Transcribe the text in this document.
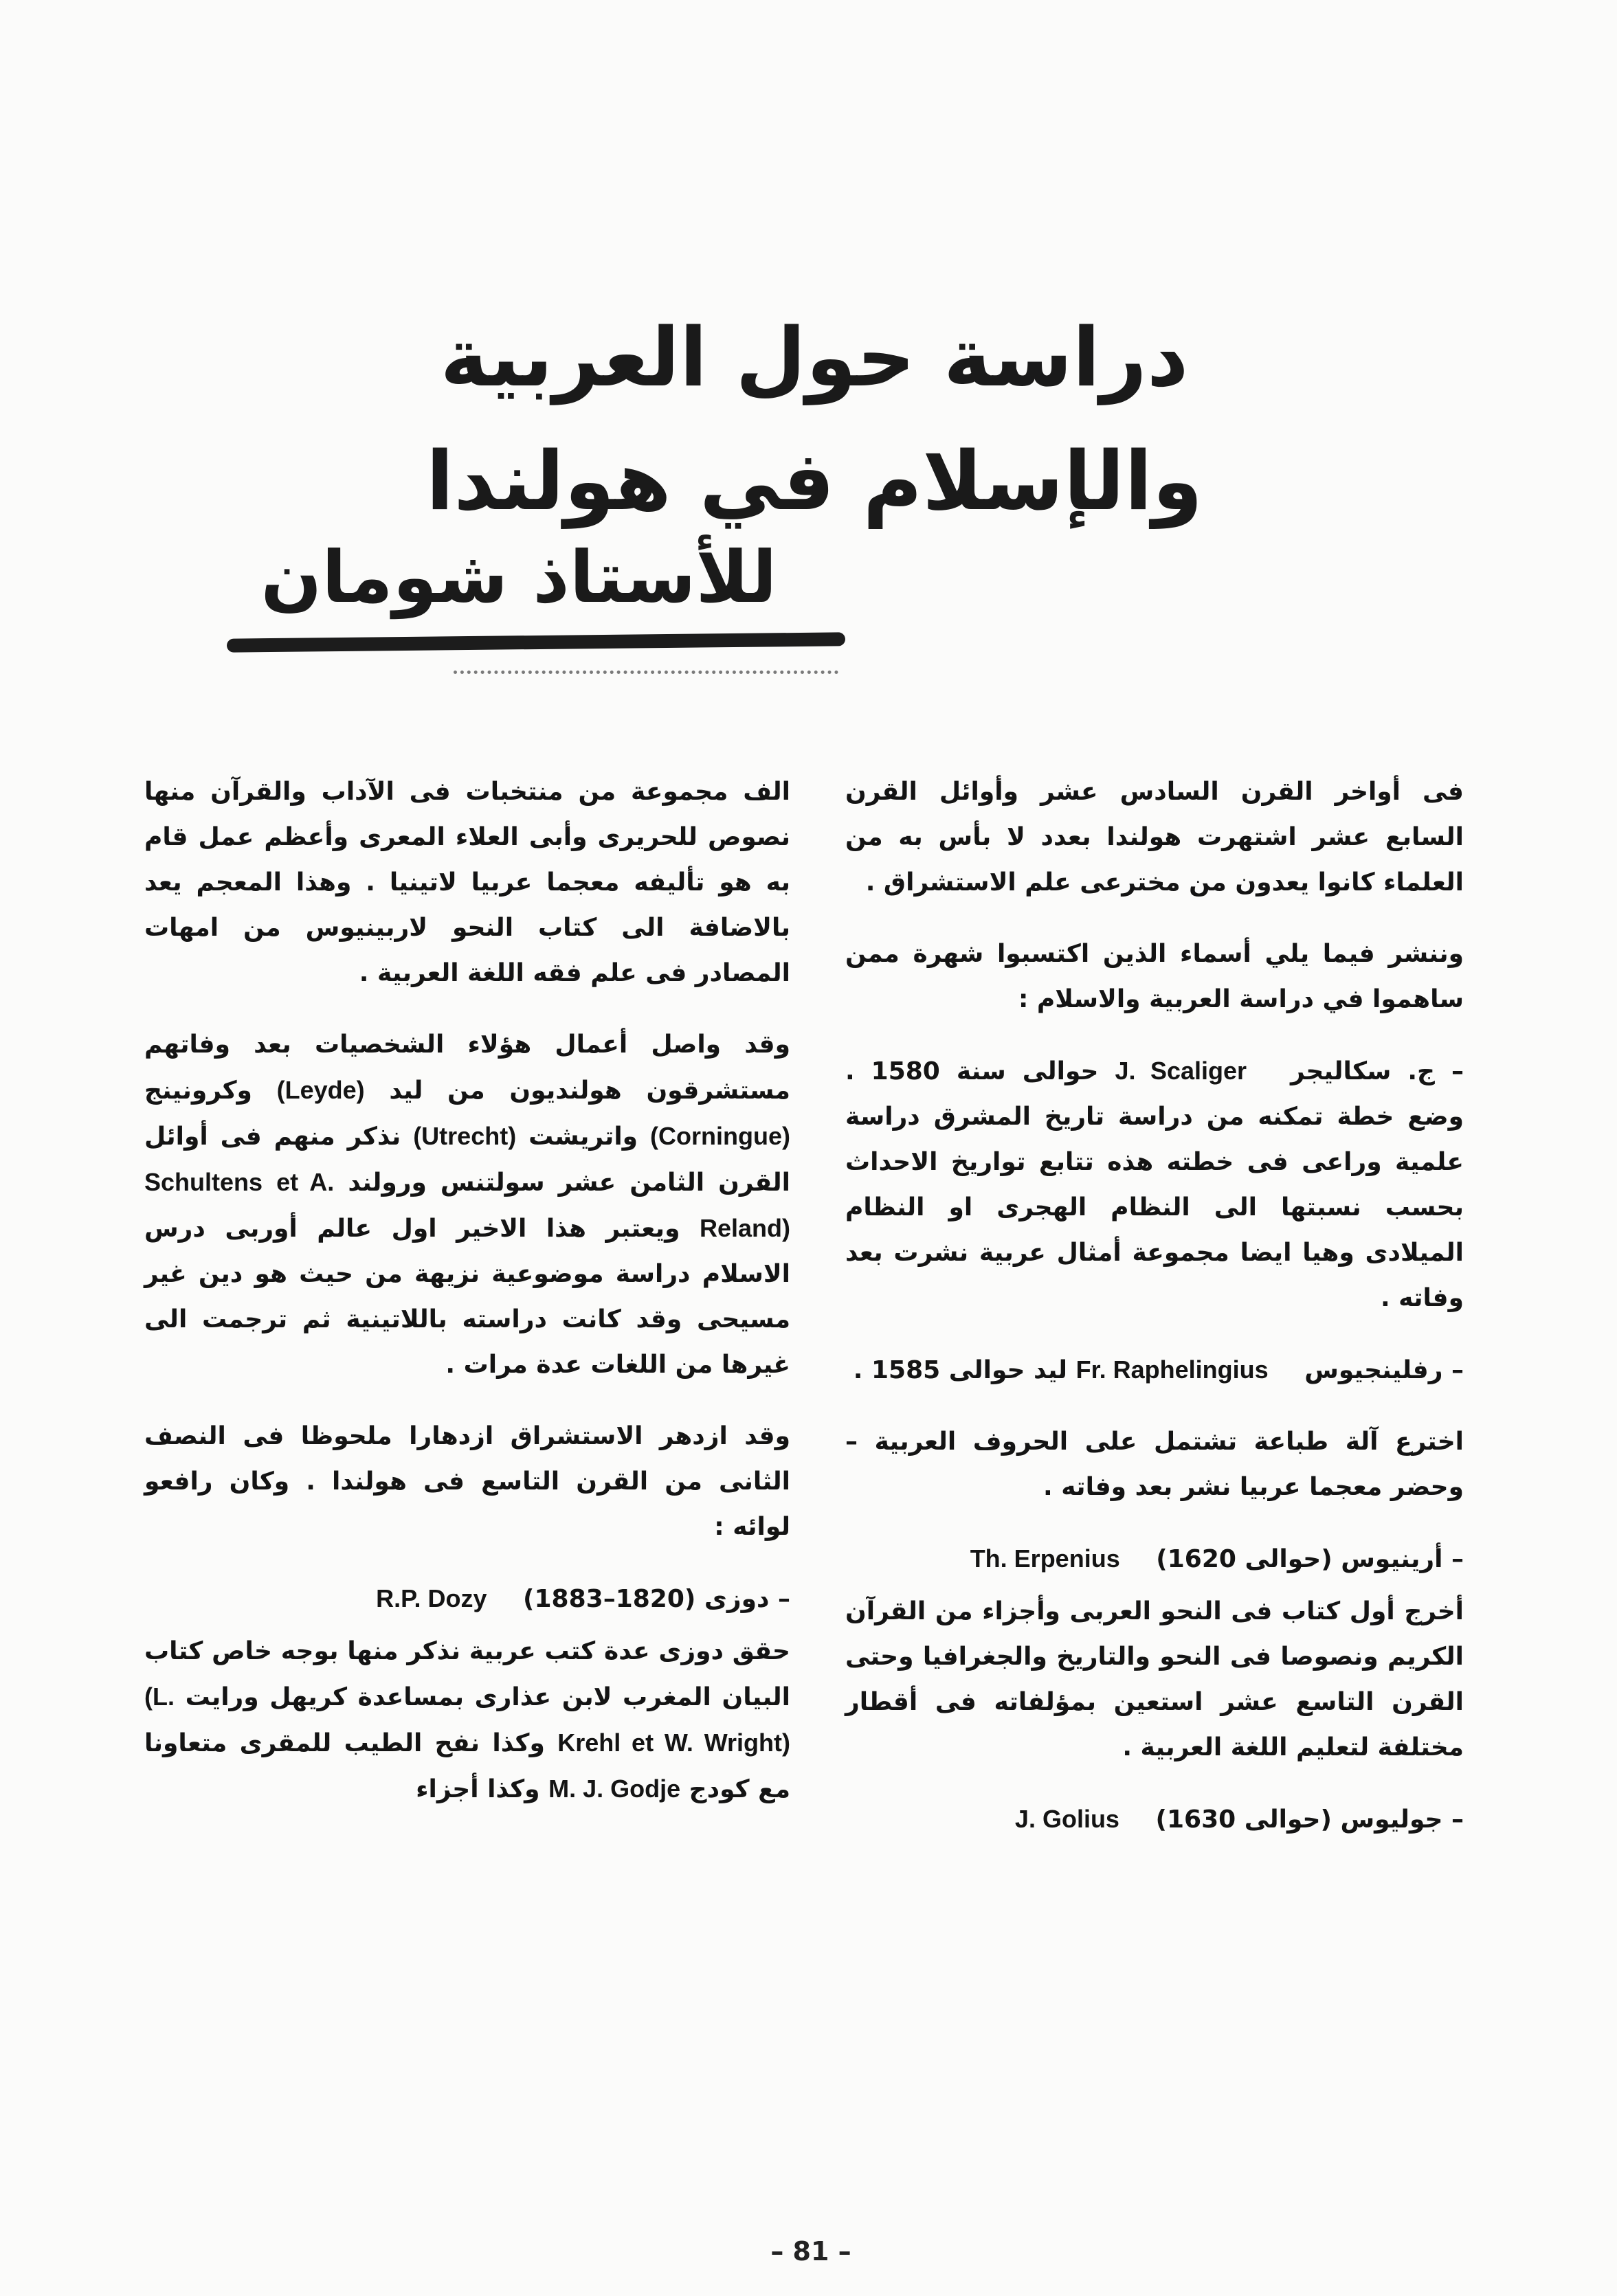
دراسة حول العربية والإسلام في هولندا
للأستاذ شومان

فى أواخر القرن السادس عشر وأوائل القرن السابع عشر اشتهرت هولندا بعدد لا بأس به من العلماء كانوا يعدون من مخترعى علم الاستشراق .

وننشر فيما يلي أسماء الذين اكتسبوا شهرة ممن ساهموا في دراسة العربية والاسلام :

– ج. سكاليجر J. Scaliger حوالى سنة 1580 . وضع خطة تمكنه من دراسة تاريخ المشرق دراسة علمية وراعى فى خطته هذه تتابع تواريخ الاحداث بحسب نسبتها الى النظام الهجرى او النظام الميلادى وهيا ايضا مجموعة أمثال عربية نشرت بعد وفاته .
– رفلينجيوس Fr. Raphelingius ليد حوالى 1585 .

اخترع آلة طباعة تشتمل على الحروف العربية – وحضر معجما عربيا نشر بعد وفاته .

– أرينيوس (حوالى 1620) Th. Erpenius

أخرج أول كتاب فى النحو العربى وأجزاء من القرآن الكريم ونصوصا فى النحو والتاريخ والجغرافيا وحتى القرن التاسع عشر استعين بمؤلفاته فى أقطار مختلفة لتعليم اللغة العربية .

– جوليوس (حوالى 1630) J. Golius

الف مجموعة من منتخبات فى الآداب والقرآن منها نصوص للحريرى وأبى العلاء المعرى وأعظم عمل قام به هو تأليفه معجما عربيا لاتينيا . وهذا المعجم يعد بالاضافة الى كتاب النحو لاربينيوس من امهات المصادر فى علم فقه اللغة العربية .

وقد واصل أعمال هؤلاء الشخصيات بعد وفاتهم مستشرقون هولنديون من ليد (Leyde) وكرونينج (Corningue) واتريشت (Utrecht) نذكر منهم فى أوائل القرن الثامن عشر سولتنس ورولند Schultens et A. Reland) ويعتبر هذا الاخير اول عالم أوربى درس الاسلام دراسة موضوعية نزيهة من حيث هو دين غير مسيحى وقد كانت دراسته باللاتينية ثم ترجمت الى غيرها من اللغات عدة مرات .

وقد ازدهر الاستشراق ازدهارا ملحوظا فى النصف الثانى من القرن التاسع فى هولندا . وكان رافعو لوائه :

– دوزى (1820–1883) R.P. Dozy

حقق دوزى عدة كتب عربية نذكر منها بوجه خاص كتاب البيان المغرب لابن عذارى بمساعدة كريهل ورايت (L. Krehl et W. Wright) وكذا نفح الطيب للمقرى متعاونا مع كودج M. J. Godje وكذا أجزاء

– 81 –
